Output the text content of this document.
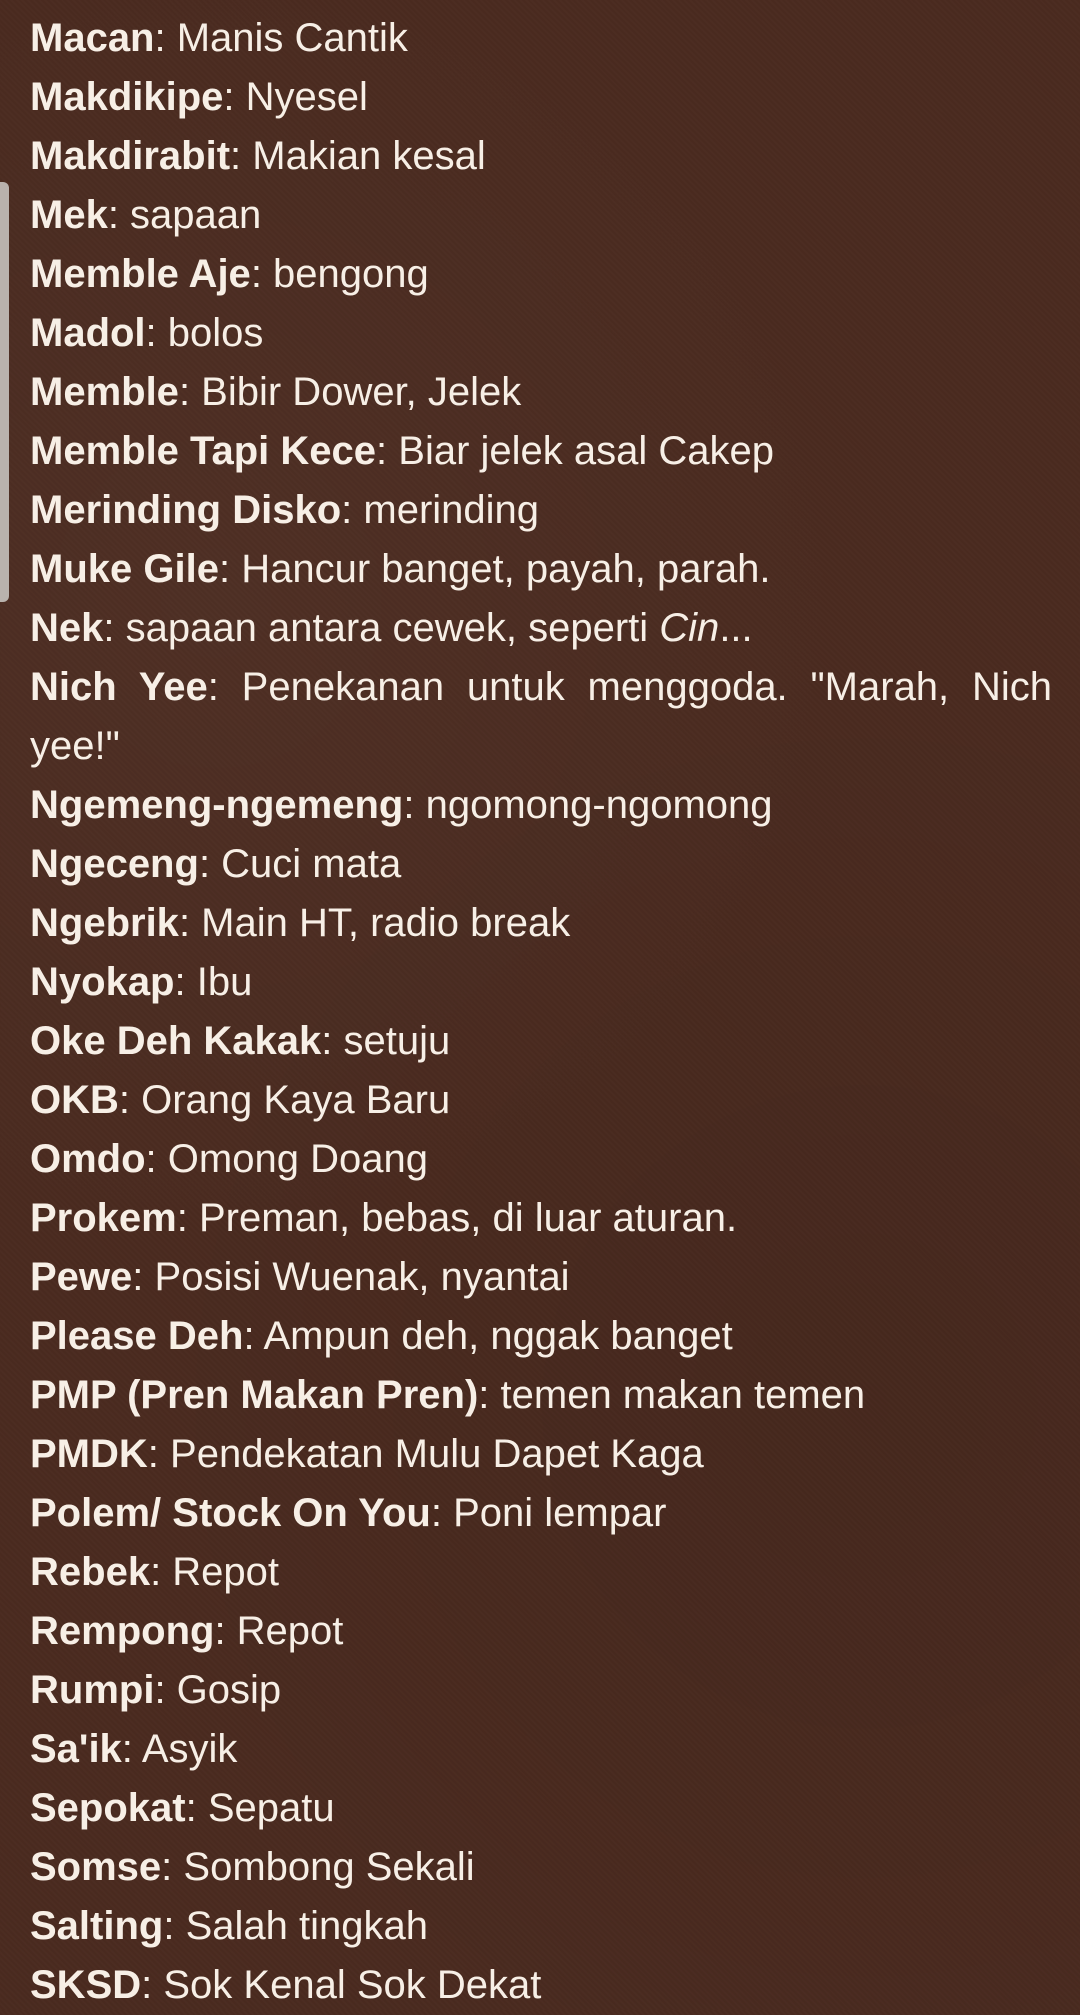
Macan: Manis Cantik
Makdikipe: Nyesel
Makdirabit: Makian kesal
Mek: sapaan
Memble Aje: bengong
Madol: bolos
Memble: Bibir Dower, Jelek
Memble Tapi Kece: Biar jelek asal Cakep
Merinding Disko: merinding
Muke Gile: Hancur banget, payah, parah.
Nek: sapaan antara cewek, seperti Cin...
Nich Yee: Penekanan untuk menggoda. "Marah, Nich yee!"
Ngemeng-ngemeng: ngomong-ngomong
Ngeceng: Cuci mata
Ngebrik: Main HT, radio break
Nyokap: Ibu
Oke Deh Kakak: setuju
OKB: Orang Kaya Baru
Omdo: Omong Doang
Prokem: Preman, bebas, di luar aturan.
Pewe: Posisi Wuenak, nyantai
Please Deh: Ampun deh, nggak banget
PMP (Pren Makan Pren): temen makan temen
PMDK: Pendekatan Mulu Dapet Kaga
Polem/ Stock On You: Poni lempar
Rebek: Repot
Rempong: Repot
Rumpi: Gosip
Sa'ik: Asyik
Sepokat: Sepatu
Somse: Sombong Sekali
Salting: Salah tingkah
SKSD: Sok Kenal Sok Dekat
